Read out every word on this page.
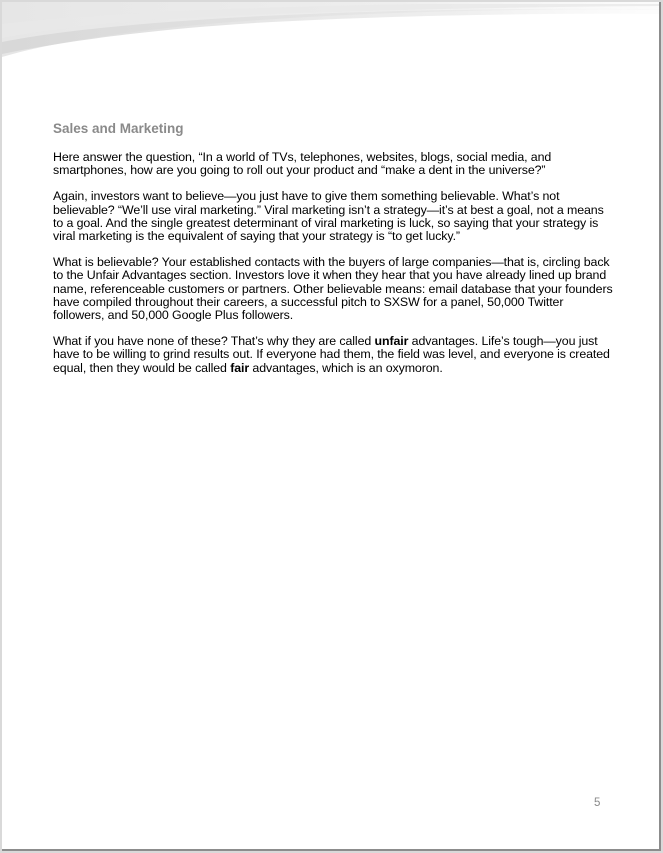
Sales and Marketing

Here answer the question, “In a world of TVs, telephones, websites, blogs, social media, and smartphones, how are you going to roll out your product and “make a dent in the universe?”

Again, investors want to believe—you just have to give them something believable. What’s not believable? “We’ll use viral marketing.” Viral marketing isn’t a strategy—it’s at best a goal, not a means to a goal. And the single greatest determinant of viral marketing is luck, so saying that your strategy is viral marketing is the equivalent of saying that your strategy is “to get lucky.”

What is believable? Your established contacts with the buyers of large companies—that is, circling back to the Unfair Advantages section. Investors love it when they hear that you have already lined up brand name, referenceable customers or partners. Other believable means: email database that your founders have compiled throughout their careers, a successful pitch to SXSW for a panel, 50,000 Twitter followers, and 50,000 Google Plus followers.

What if you have none of these? That’s why they are called unfair advantages. Life’s tough—you just have to be willing to grind results out. If everyone had them, the field was level, and everyone is created equal, then they would be called fair advantages, which is an oxymoron.

5
